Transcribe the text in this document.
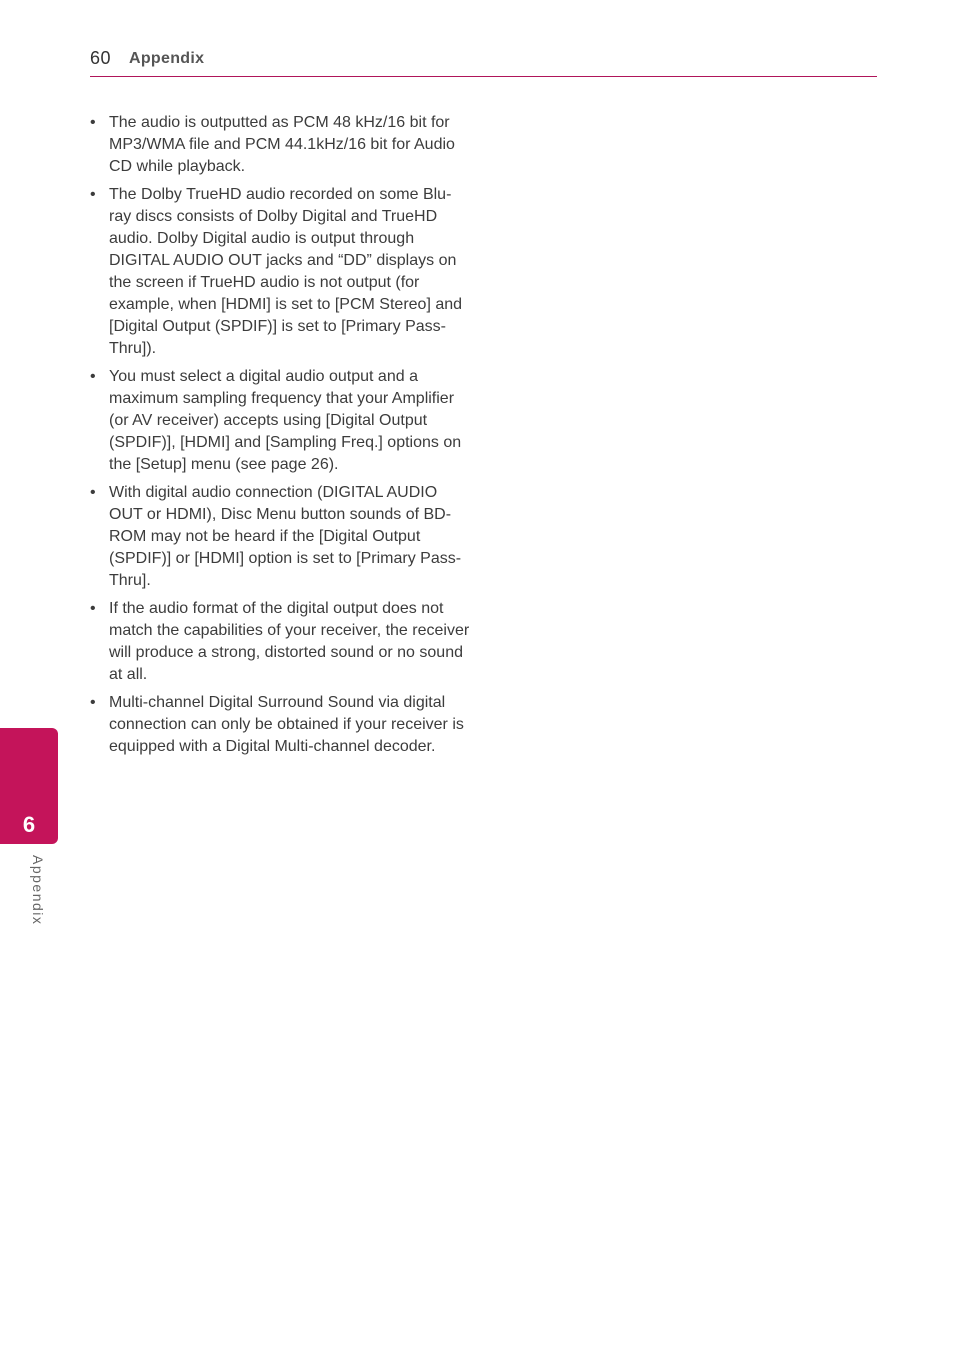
60 Appendix
• The audio is outputted as PCM 48 kHz/16 bit for MP3/WMA file and PCM 44.1kHz/16 bit for Audio CD while playback.
• The Dolby TrueHD audio recorded on some Blu-ray discs consists of Dolby Digital and TrueHD audio. Dolby Digital audio is output through DIGITAL AUDIO OUT jacks and “DD” displays on the screen if TrueHD audio is not output (for example, when [HDMI] is set to [PCM Stereo] and [Digital Output (SPDIF)] is set to [Primary Pass-Thru]).
• You must select a digital audio output and a maximum sampling frequency that your Amplifier (or AV receiver) accepts using [Digital Output (SPDIF)], [HDMI] and [Sampling Freq.] options on the [Setup] menu (see page 26).
• With digital audio connection (DIGITAL AUDIO OUT or HDMI), Disc Menu button sounds of BD-ROM may not be heard if the [Digital Output (SPDIF)] or [HDMI] option is set to [Primary Pass-Thru].
• If the audio format of the digital output does not match the capabilities of your receiver, the receiver will produce a strong, distorted sound or no sound at all.
• Multi-channel Digital Surround Sound via digital connection can only be obtained if your receiver is equipped with a Digital Multi-channel decoder.
6
Appendix
